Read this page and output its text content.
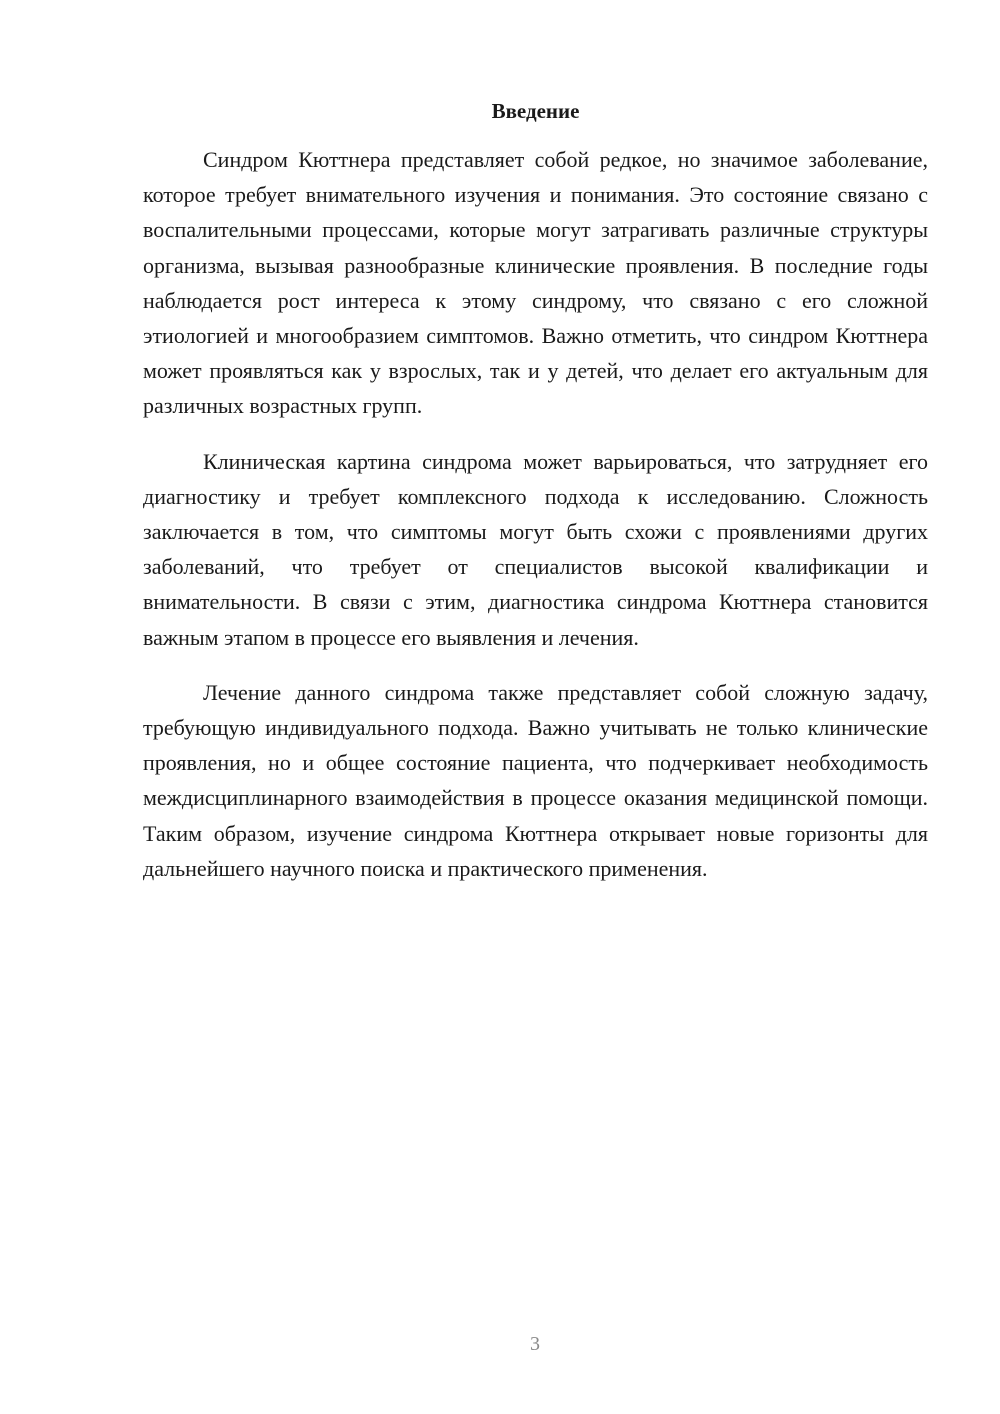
Введение

Синдром Кюттнера представляет собой редкое, но значимое заболевание, которое требует внимательного изучения и понимания. Это состояние связано с воспалительными процессами, которые могут затрагивать различные структуры организма, вызывая разнообразные клинические проявления. В последние годы наблюдается рост интереса к этому синдрому, что связано с его сложной этиологией и многообразием симптомов. Важно отметить, что синдром Кюттнера может проявляться как у взрослых, так и у детей, что делает его актуальным для различных возрастных групп.

Клиническая картина синдрома может варьироваться, что затрудняет его диагностику и требует комплексного подхода к исследованию. Сложность заключается в том, что симптомы могут быть схожи с проявлениями других заболеваний, что требует от специалистов высокой квалификации и внимательности. В связи с этим, диагностика синдрома Кюттнера становится важным этапом в процессе его выявления и лечения.

Лечение данного синдрома также представляет собой сложную задачу, требующую индивидуального подхода. Важно учитывать не только клинические проявления, но и общее состояние пациента, что подчеркивает необходимость междисциплинарного взаимодействия в процессе оказания медицинской помощи. Таким образом, изучение синдрома Кюттнера открывает новые горизонты для дальнейшего научного поиска и практического применения.

3
